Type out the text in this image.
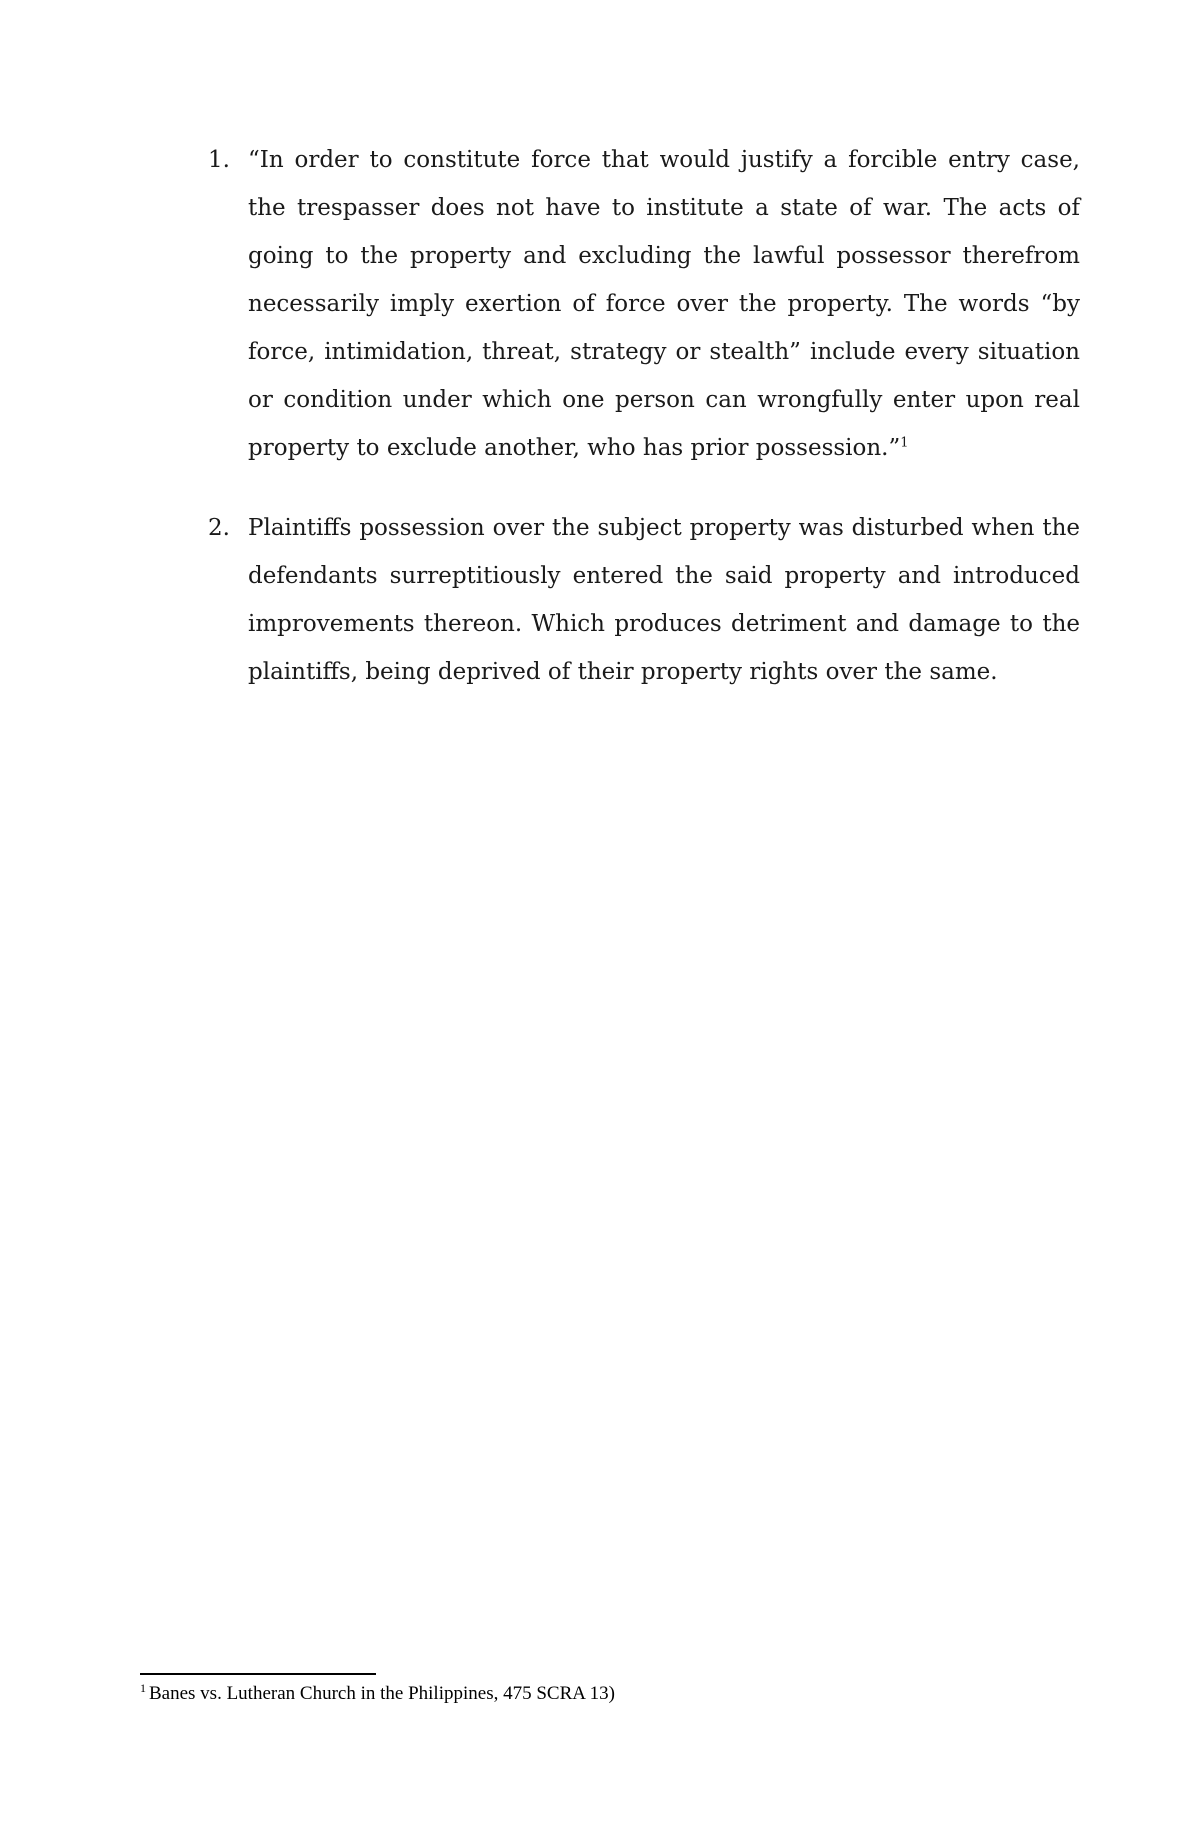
1. “In order to constitute force that would justify a forcible entry case, the trespasser does not have to institute a state of war. The acts of going to the property and excluding the lawful possessor therefrom necessarily imply exertion of force over the property. The words “by force, intimidation, threat, strategy or stealth” include every situation or condition under which one person can wrongfully enter upon real property to exclude another, who has prior possession.”$^1$
2. Plaintiffs possession over the subject property was disturbed when the defendants surreptitiously entered the said property and introduced improvements thereon. Which produces detriment and damage to the plaintiffs, being deprived of their property rights over the same.
$^1$ Banes vs. Lutheran Church in the Philippines, 475 SCRA 13)
